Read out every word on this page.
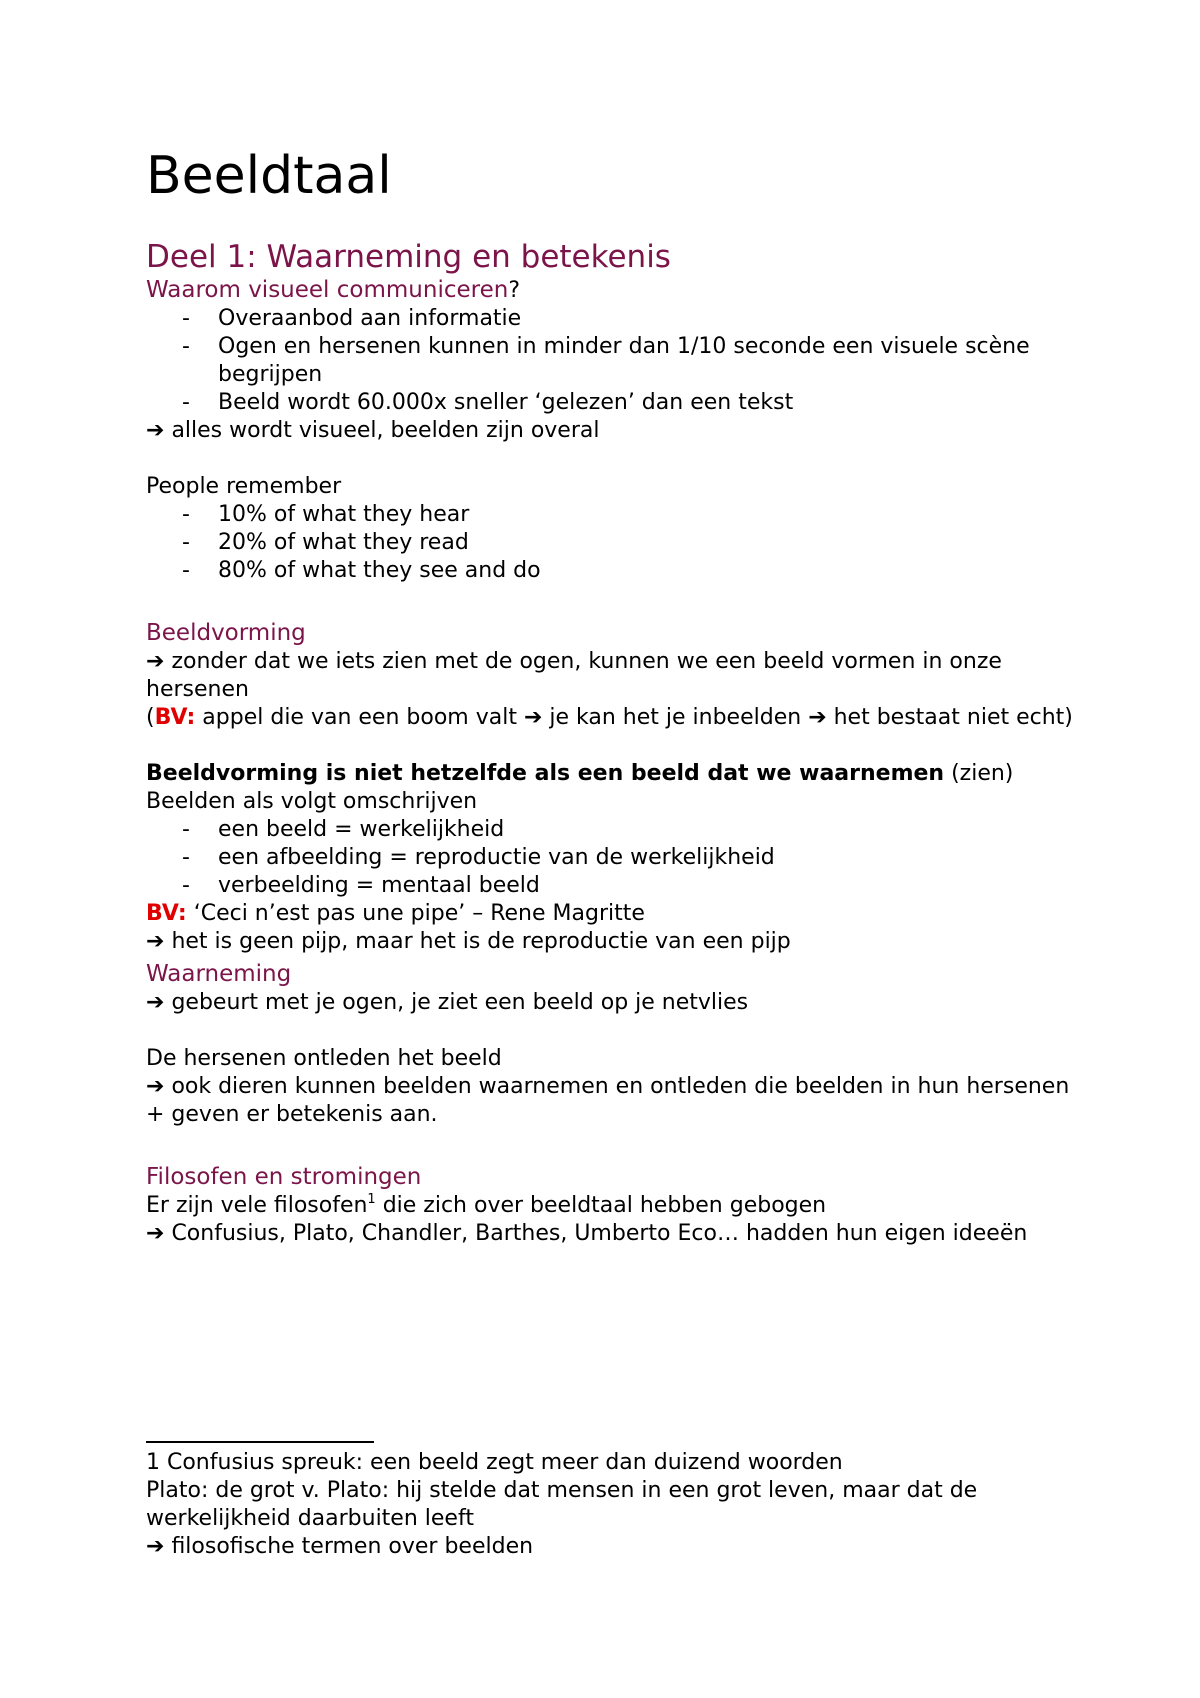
Beeldtaal
Deel 1: Waarneming en betekenis

Waarom visueel communiceren?

- Overaanbod aan informatie
- Ogen en hersenen kunnen in minder dan 1/10 seconde een visuele scène begrijpen
- Beeld wordt 60.000x sneller ‘gelezen’ dan een tekst

➔ alles wordt visueel, beelden zijn overal

People remember

- 10% of what they hear
- 20% of what they read
- 80% of what they see and do
Beeldvorming

➔ zonder dat we iets zien met de ogen, kunnen we een beeld vormen in onze hersenen

(BV: appel die van een boom valt ➔ je kan het je inbeelden ➔ het bestaat niet echt)

Beeldvorming is niet hetzelfde als een beeld dat we waarnemen (zien)

Beelden als volgt omschrijven

- een beeld = werkelijkheid
- een afbeelding = reproductie van de werkelijkheid
- verbeelding = mentaal beeld

BV: ‘Ceci n’est pas une pipe’ – Rene Magritte

➔ het is geen pijp, maar het is de reproductie van een pijp

Waarneming

➔ gebeurt met je ogen, je ziet een beeld op je netvlies

De hersenen ontleden het beeld

➔ ook dieren kunnen beelden waarnemen en ontleden die beelden in hun hersenen + geven er betekenis aan.

Filosofen en stromingen

Er zijn vele filosofen$^1$ die zich over beeldtaal hebben gebogen

➔ Confusius, Plato, Chandler, Barthes, Umberto Eco… hadden hun eigen ideeën

1 Confusius spreuk: een beeld zegt meer dan duizend woorden

Plato: de grot v. Plato: hij stelde dat mensen in een grot leven, maar dat de werkelijkheid daarbuiten leeft

➔ filosofische termen over beelden
